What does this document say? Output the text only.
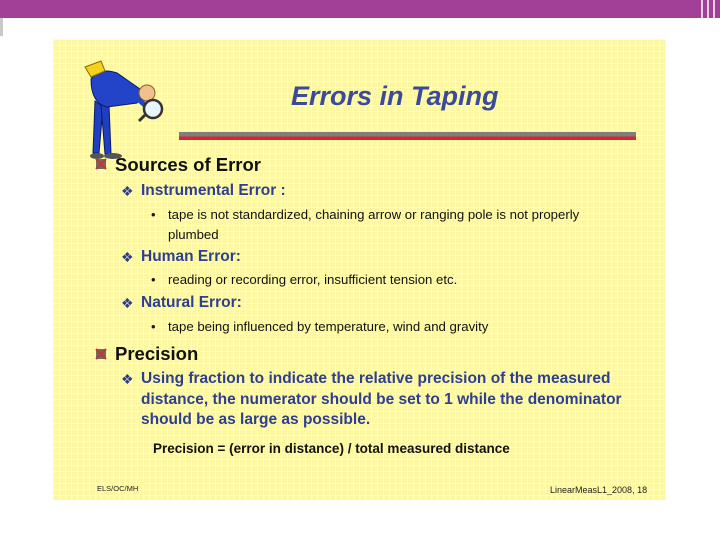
Errors in Taping
Sources of Error
❖ Instrumental Error :
• tape is not standardized, chaining arrow or ranging pole is not properly plumbed
❖ Human Error:
• reading or recording error, insufficient tension etc.
❖ Natural Error:
• tape being influenced by temperature, wind and gravity
Precision
❖ Using fraction to indicate the relative precision of the measured distance, the numerator should be set to 1 while the denominator should be as large as possible.
Precision = (error in distance) / total measured distance
ELS/OC/MH	LinearMeasL1_2008, 18
